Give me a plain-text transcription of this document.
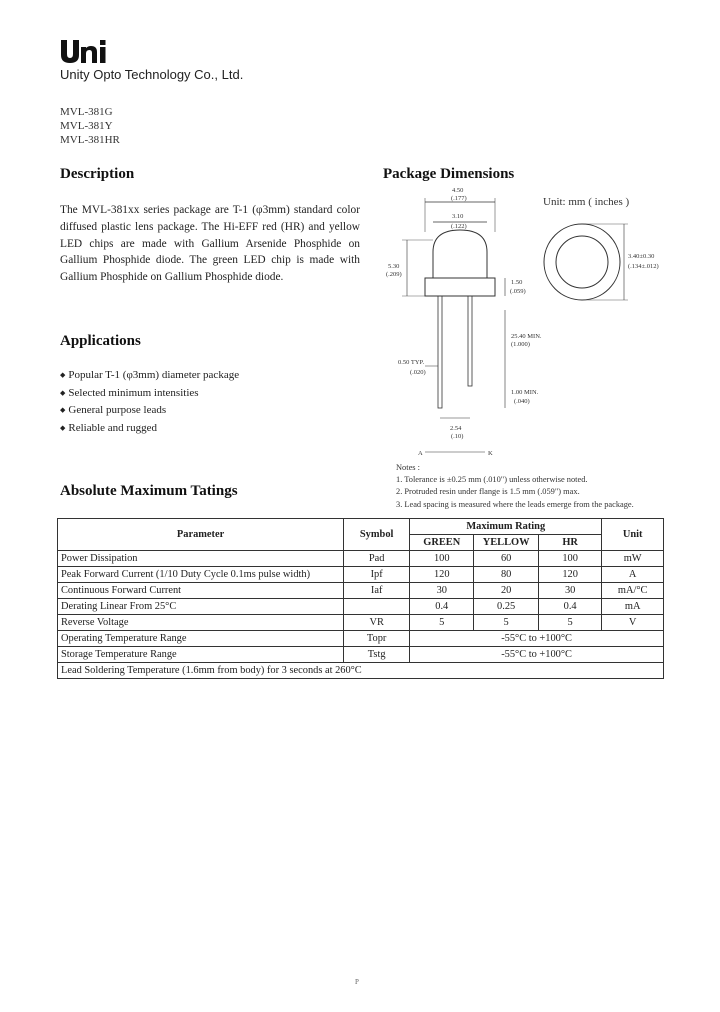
Unity Opto Technology Co., Ltd.
MVL-381G
MVL-381Y
MVL-381HR
Description
The MVL-381xx series package are T-1 (φ3mm) standard color diffused plastic lens package. The Hi-EFF red (HR) and yellow LED chips are made with Gallium Arsenide Phosphide on Gallium Phosphide diode. The green LED chip is made with Gallium Phosphide on Gallium Phosphide diode.
Applications
◆ Popular T-1 (φ3mm) diameter package
◆ Selected minimum intensities
◆ General purpose leads
◆ Reliable and rugged
Package Dimensions
Unit: mm ( inches )
4.50
(.177)
3.10
(.122)
5.30
(.209)
1.50
(.059)
25.40 MIN.
(1.000)
0.50 TYP.
(.020)
1.00 MIN.
(.040)
2.54
(.10)
A	K
3.40±0.30
(.134±.012)
Notes :
1. Tolerance is ±0.25 mm (.010") unless otherwise noted.
2. Protruded resin under flange is 1.5 mm (.059") max.
3. Lead spacing is measured where the leads emerge from the package.
Absolute Maximum Tatings
Parameter	Symbol	Maximum Rating			Unit
		GREEN	YELLOW	HR	
Power Dissipation	Pad	100	60	100	mW
Peak Forward Current (1/10 Duty Cycle 0.1ms pulse width)	Ipf	120	80	120	A
Continuous Forward Current	Iaf	30	20	30	mA/°C
Derating Linear From 25°C		0.4	0.25	0.4	mA
Reverse Voltage	VR	5	5	5	V
Operating Temperature Range	Topr	-55°C to +100°C			
Storage Temperature Range	Tstg	-55°C to +100°C			
Lead Soldering Temperature (1.6mm from body) for 3 seconds at 260°C					
P
